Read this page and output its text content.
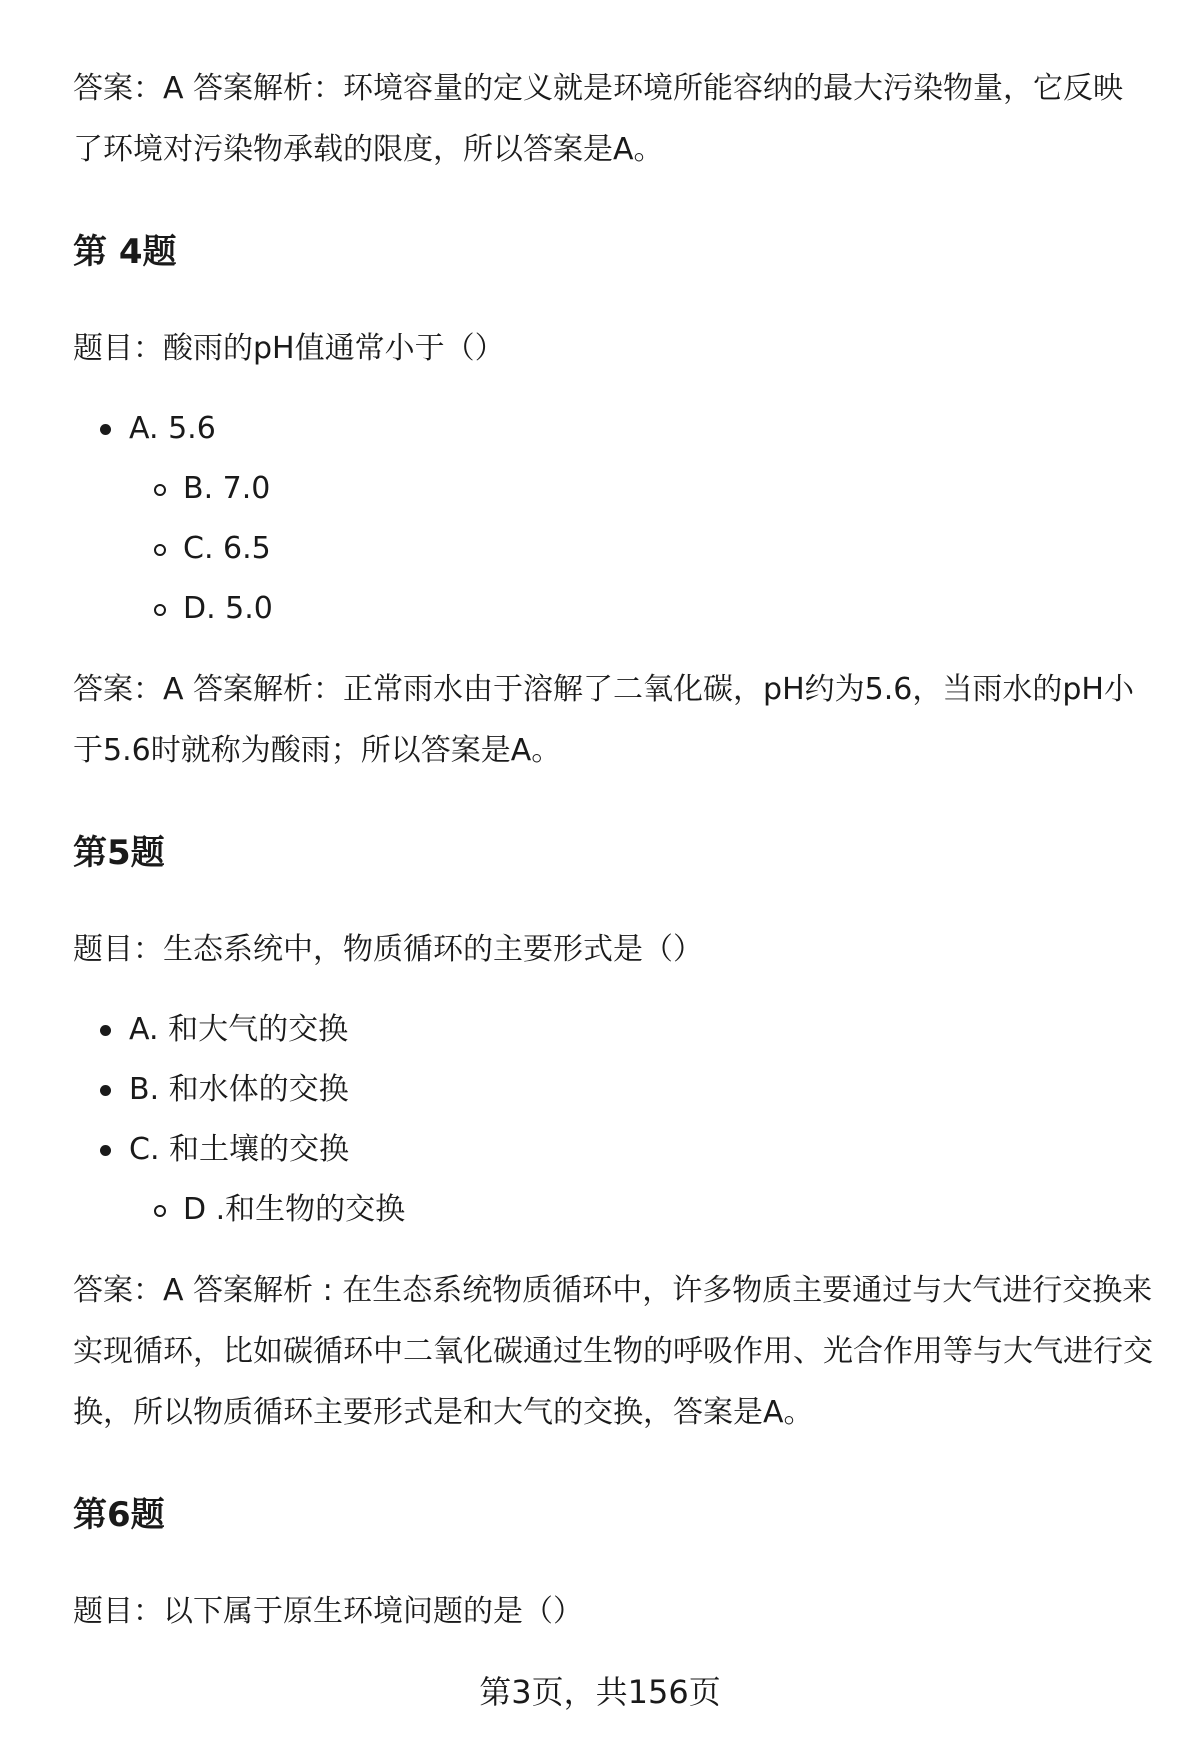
答案：A 答案解析：环境容量的定义就是环境所能容纳的最大污染物量，它反映了环境对污染物承载的限度，所以答案是A。

第 4题

题目：酸雨的pH值通常小于（）

A. 5.6
B. 7.0
C. 6.5
D. 5.0

答案：A 答案解析：正常雨水由于溶解了二氧化碳，pH约为5.6，当雨水的pH小于5.6时就称为酸雨；所以答案是A。

第5题

题目：生态系统中，物质循环的主要形式是（）

A. 和大气的交换
B. 和水体的交换
C. 和土壤的交换
D .和生物的交换

答案：A 答案解析 : 在生态系统物质循环中，许多物质主要通过与大气进行交换来实现循环，比如碳循环中二氧化碳通过生物的呼吸作用、光合作用等与大气进行交换，所以物质循环主要形式是和大气的交换，答案是A。

第6题

题目：以下属于原生环境问题的是（）

第3页，共156页
